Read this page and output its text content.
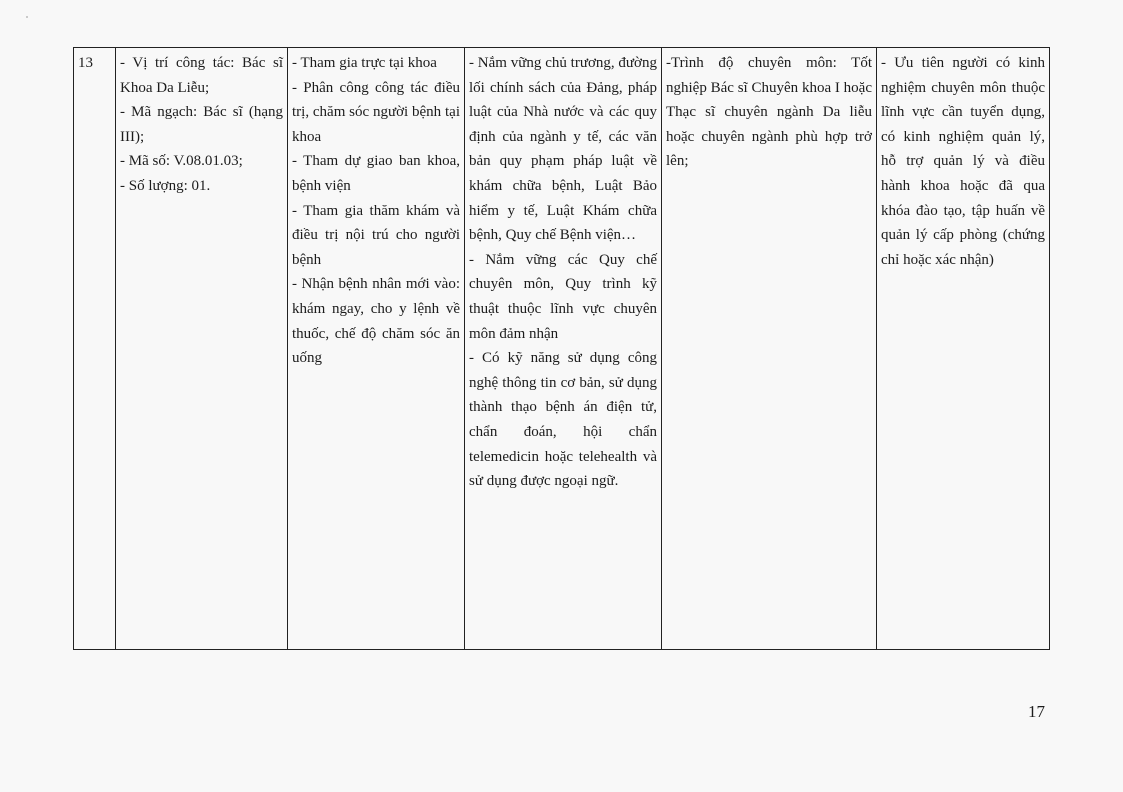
13	- Vị trí công tác: Bác sĩ Khoa Da Liễu;
- Mã ngạch: Bác sĩ (hạng III);
- Mã số: V.08.01.03;
- Số lượng: 01.

- Tham gia trực tại khoa
- Phân công công tác điều trị, chăm sóc người bệnh tại khoa
- Tham dự giao ban khoa, bệnh viện
- Tham gia thăm khám và điều trị nội trú cho người bệnh
- Nhận bệnh nhân mới vào: khám ngay, cho y lệnh về thuốc, chế độ chăm sóc ăn uống

- Nắm vững chủ trương, đường lối chính sách của Đảng, pháp luật của Nhà nước và các quy định của ngành y tế, các văn bản quy phạm pháp luật về khám chữa bệnh, Luật Bảo hiểm y tế, Luật Khám chữa bệnh, Quy chế Bệnh viện…
- Nắm vững các Quy chế chuyên môn, Quy trình kỹ thuật thuộc lĩnh vực chuyên môn đảm nhận
- Có kỹ năng sử dụng công nghệ thông tin cơ bản, sử dụng thành thạo bệnh án điện tử, chẩn đoán, hội chẩn telemedicin hoặc telehealth và sử dụng được ngoại ngữ.

-Trình độ chuyên môn: Tốt nghiệp Bác sĩ Chuyên khoa I hoặc Thạc sĩ chuyên ngành Da liễu hoặc chuyên ngành phù hợp trở lên;

- Ưu tiên người có kinh nghiệm chuyên môn thuộc lĩnh vực cần tuyển dụng, có kinh nghiệm quản lý, hỗ trợ quản lý và điều hành khoa hoặc đã qua khóa đào tạo, tập huấn về quản lý cấp phòng (chứng chỉ hoặc xác nhận)
17
